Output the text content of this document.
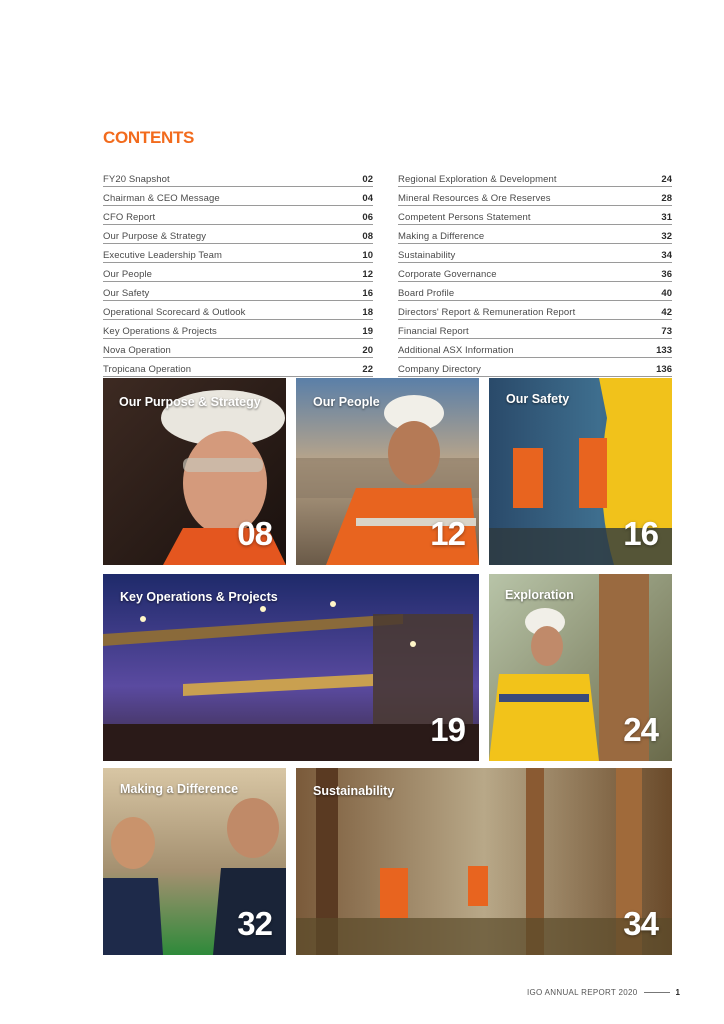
CONTENTS
FY20 Snapshot	02
Chairman & CEO Message	04
CFO Report	06
Our Purpose & Strategy	08
Executive Leadership Team	10
Our People	12
Our Safety	16
Operational Scorecard & Outlook	18
Key Operations & Projects	19
Nova Operation	20
Tropicana Operation	22
Regional Exploration & Development	24
Mineral Resources & Ore Reserves	28
Competent Persons Statement	31
Making a Difference	32
Sustainability	34
Corporate Governance	36
Board Profile	40
Directors' Report & Remuneration Report	42
Financial Report	73
Additional ASX Information	133
Company Directory	136
Our Purpose & Strategy
08
Our People
12
Our Safety
16
Key Operations & Projects
19
Exploration
24
Making a Difference
32
Sustainability
34
IGO ANNUAL REPORT 2020	1
